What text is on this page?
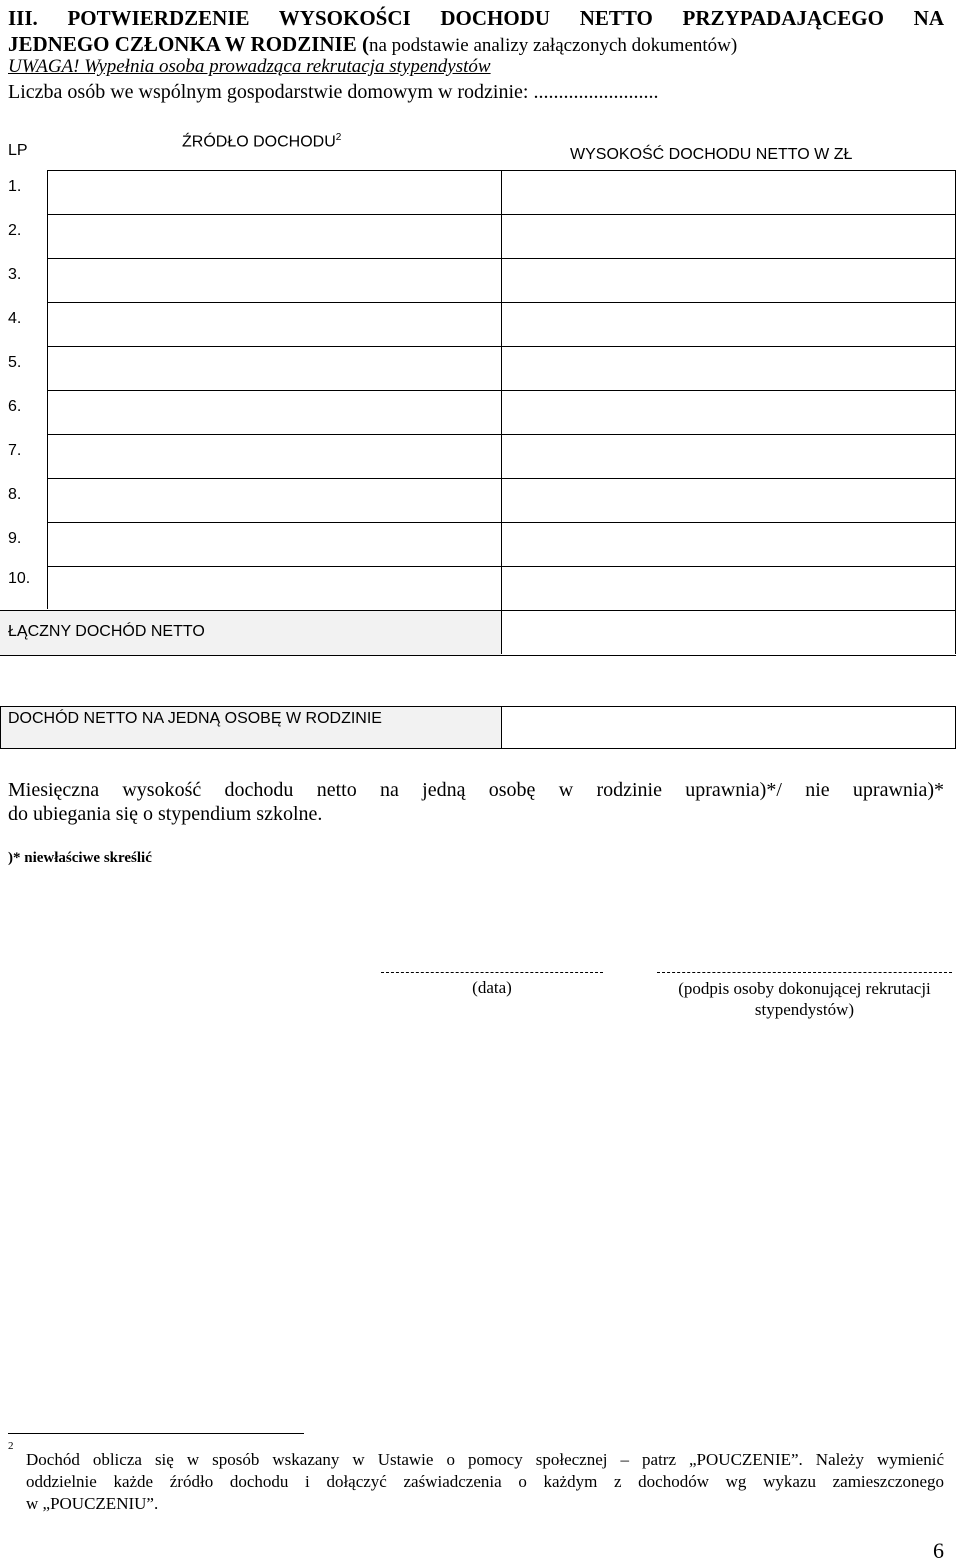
III. POTWIERDZENIE WYSOKOŚCI DOCHODU NETTO PRZYPADAJĄCEGO NA
JEDNEGO CZŁONKA W RODZINIE (na podstawie analizy załączonych dokumentów)
UWAGA! Wypełnia osoba prowadząca rekrutacja stypendystów
Liczba osób we wspólnym gospodarstwie domowym w rodzinie: .........................
LP
ŹRÓDŁO DOCHODU$^2$
WYSOKOŚĆ DOCHODU NETTO W ZŁ
1.
2.
3.
4.
5.
6.
7.
8.
9.
10.
ŁĄCZNY DOCHÓD NETTO
DOCHÓD NETTO NA JEDNĄ OSOBĘ W RODZINIE
Miesięczna wysokość dochodu netto na jedną osobę w rodzinie uprawnia)*/ nie uprawnia)*
do ubiegania się o stypendium szkolne.
)* niewłaściwe skreślić
(data)	(podpis osoby dokonującej rekrutacji
stypendystów)
2
Dochód oblicza się w sposób wskazany w Ustawie o pomocy społecznej – patrz „POUCZENIE”. Należy wymienić
oddzielnie każde źródło dochodu i dołączyć zaświadczenia o każdym z dochodów wg wykazu zamieszczonego
w „POUCZENIU”.
6
